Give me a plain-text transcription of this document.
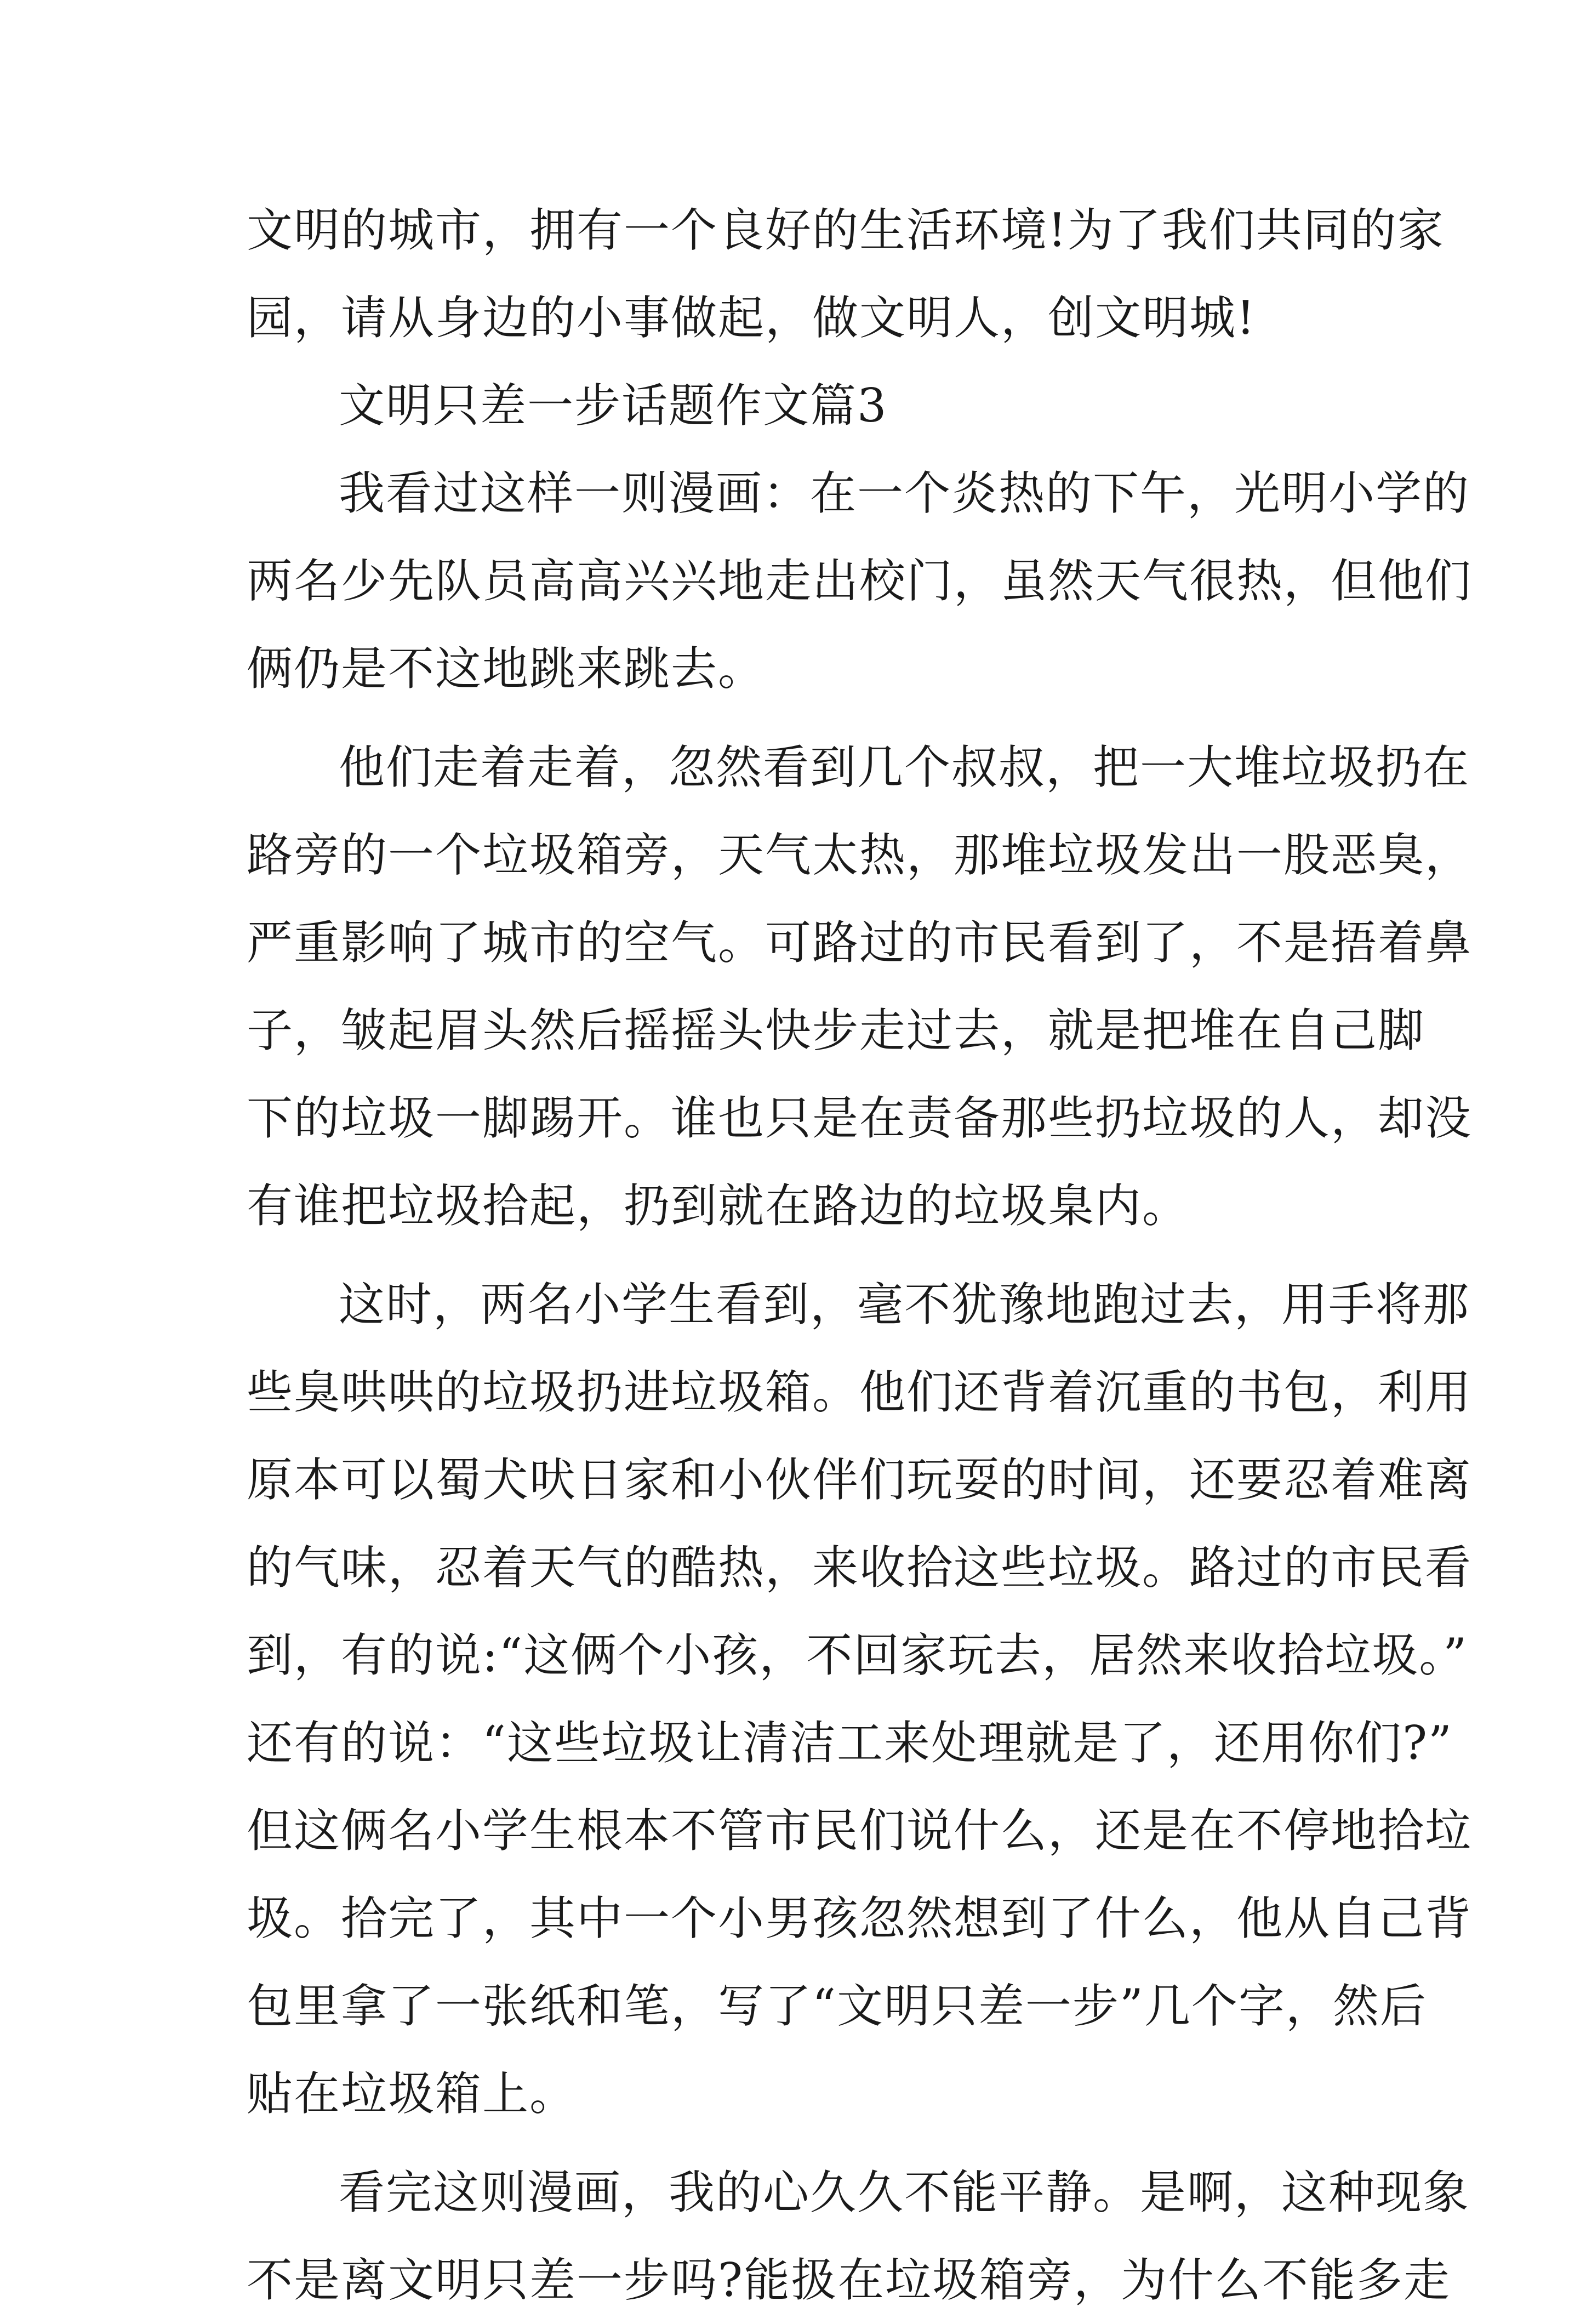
文明的城市，拥有一个良好的生活环境!为了我们共同的家
园，请从身边的小事做起，做文明人，创文明城!
文明只差一步话题作文篇3
我看过这样一则漫画：在一个炎热的下午，光明小学的
两名少先队员高高兴兴地走出校门，虽然天气很热，但他们
俩仍是不这地跳来跳去。
他们走着走着，忽然看到几个叔叔，把一大堆垃圾扔在
路旁的一个垃圾箱旁，天气太热，那堆垃圾发出一股恶臭，
严重影响了城市的空气。可路过的市民看到了，不是捂着鼻
子，皱起眉头然后摇摇头快步走过去，就是把堆在自己脚
下的垃圾一脚踢开。谁也只是在责备那些扔垃圾的人，却没
有谁把垃圾拾起，扔到就在路边的垃圾臬内。
这时，两名小学生看到，毫不犹豫地跑过去，用手将那
些臭哄哄的垃圾扔进垃圾箱。他们还背着沉重的书包，利用
原本可以蜀犬吠日家和小伙伴们玩耍的时间，还要忍着难离
的气味，忍着天气的酷热，来收拾这些垃圾。路过的市民看
到，有的说:“这俩个小孩，不回家玩去，居然来收拾垃圾。”
还有的说：“这些垃圾让清洁工来处理就是了，还用你们?”
但这俩名小学生根本不管市民们说什么，还是在不停地拾垃
圾。拾完了，其中一个小男孩忽然想到了什么，他从自己背
包里拿了一张纸和笔，写了“文明只差一步”几个字，然后
贴在垃圾箱上。
看完这则漫画，我的心久久不能平静。是啊，这种现象
不是离文明只差一步吗?能扱在垃圾箱旁，为什么不能多走
